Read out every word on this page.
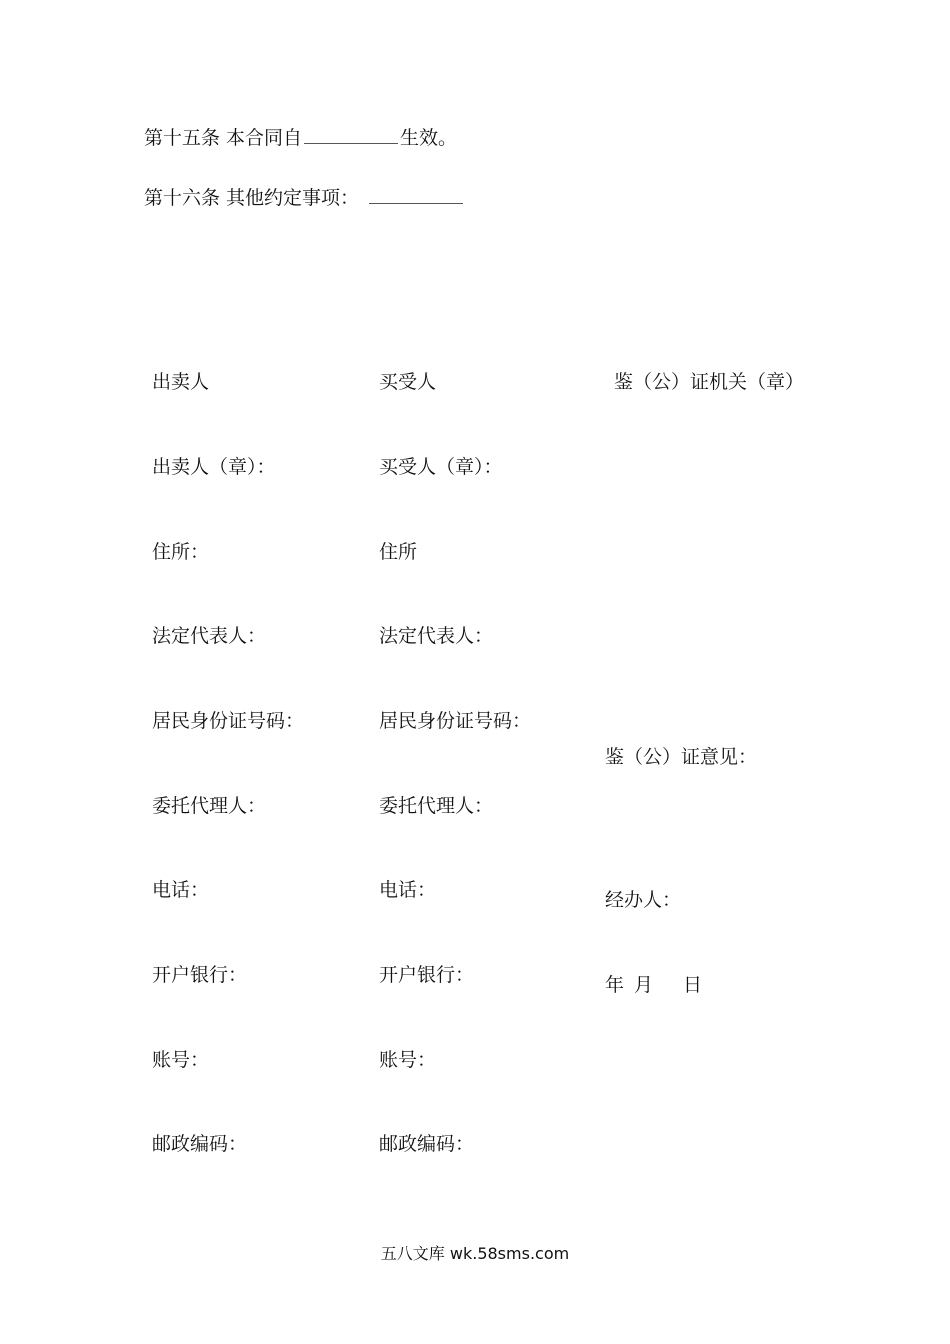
第十五条 本合同自	生效。
第十六条 其他约定事项：
出卖人
出卖人（章）：
住所：
法定代表人：
居民身份证号码：
委托代理人：
电话：
开户银行：
账号：
邮政编码：
买受人
买受人（章）：
住所
法定代表人：
居民身份证号码：
委托代理人：
电话：
开户银行：
账号：
邮政编码：
鉴（公）证机关（章）
鉴（公）证意见：
经办人：
年 月 日
五八文库 wk.58sms.com
